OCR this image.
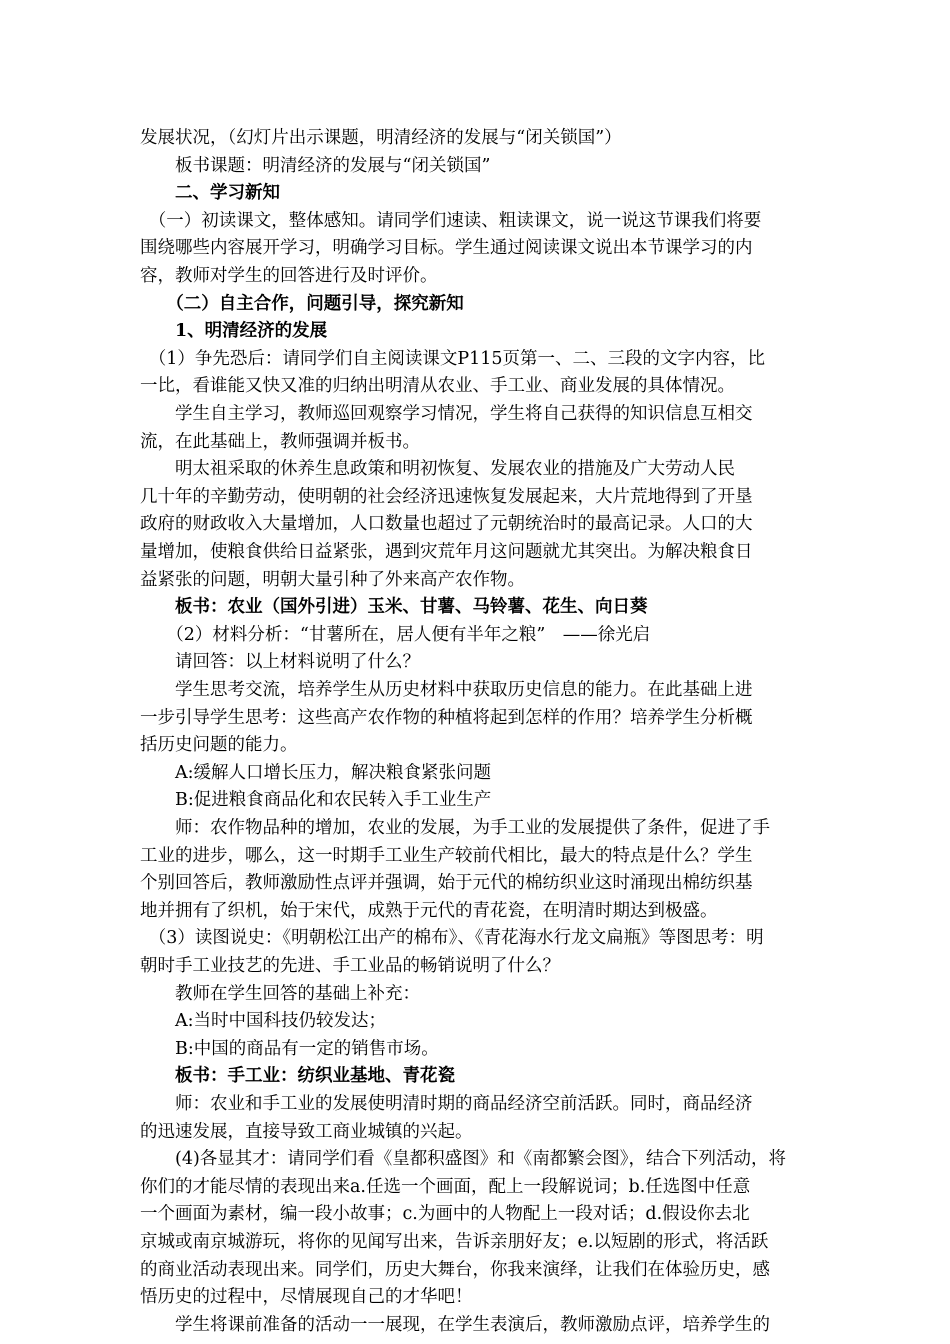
发展状况，（幻灯片出示课题，明清经济的发展与“闭关锁国”）
　　板书课题：明清经济的发展与“闭关锁国”
　　二、学习新知
　（一）初读课文，整体感知。请同学们速读、粗读课文，说一说这节课我们将要
围绕哪些内容展开学习，明确学习目标。学生通过阅读课文说出本节课学习的内
容，教师对学生的回答进行及时评价。
　　（二）自主合作，问题引导，探究新知
　　1、明清经济的发展
　（1）争先恐后：请同学们自主阅读课文P115页第一、二、三段的文字内容，比
一比，看谁能又快又准的归纳出明清从农业、手工业、商业发展的具体情况。
　　学生自主学习，教师巡回观察学习情况，学生将自己获得的知识信息互相交
流，在此基础上，教师强调并板书。
　　明太祖采取的休养生息政策和明初恢复、发展农业的措施及广大劳动人民
几十年的辛勤劳动，使明朝的社会经济迅速恢复发展起来，大片荒地得到了开垦
政府的财政收入大量增加，人口数量也超过了元朝统治时的最高记录。人口的大
量增加，使粮食供给日益紧张，遇到灾荒年月这问题就尤其突出。为解决粮食日
益紧张的问题，明朝大量引种了外来高产农作物。
　　板书：农业（国外引进）玉米、甘薯、马铃薯、花生、向日葵
　　（2）材料分析：“甘薯所在，居人便有半年之粮”　——徐光启
　　请回答：以上材料说明了什么？
　　学生思考交流，培养学生从历史材料中获取历史信息的能力。在此基础上进
一步引导学生思考：这些高产农作物的种植将起到怎样的作用？培养学生分析概
括历史问题的能力。
　　A:缓解人口增长压力，解决粮食紧张问题
　　B:促进粮食商品化和农民转入手工业生产
　　师：农作物品种的增加，农业的发展，为手工业的发展提供了条件，促进了手
工业的进步，哪么，这一时期手工业生产较前代相比，最大的特点是什么？学生
个别回答后，教师激励性点评并强调，始于元代的棉纺织业这时涌现出棉纺织基
地并拥有了织机，始于宋代，成熟于元代的青花瓷，在明清时期达到极盛。
　（3）读图说史：《明朝松江出产的棉布》、《青花海水行龙文扁瓶》等图思考：明
朝时手工业技艺的先进、手工业品的畅销说明了什么？
　　教师在学生回答的基础上补充：
　　A:当时中国科技仍较发达；
　　B:中国的商品有一定的销售市场。
　　板书：手工业：纺织业基地、青花瓷
　　师：农业和手工业的发展使明清时期的商品经济空前活跃。同时，商品经济
的迅速发展，直接导致工商业城镇的兴起。
　　(4)各显其才：请同学们看《皇都积盛图》和《南都繁会图》，结合下列活动，将
你们的才能尽情的表现出来a.任选一个画面，配上一段解说词；b.任选图中任意
一个画面为素材，编一段小故事；c.为画中的人物配上一段对话；d.假设你去北
京城或南京城游玩，将你的见闻写出来，告诉亲朋好友；e.以短剧的形式，将活跃
的商业活动表现出来。同学们，历史大舞台，你我来演绎，让我们在体验历史，感
悟历史的过程中，尽情展现自己的才华吧！
　　学生将课前准备的活动一一展现，在学生表演后，教师激励点评，培养学生的
